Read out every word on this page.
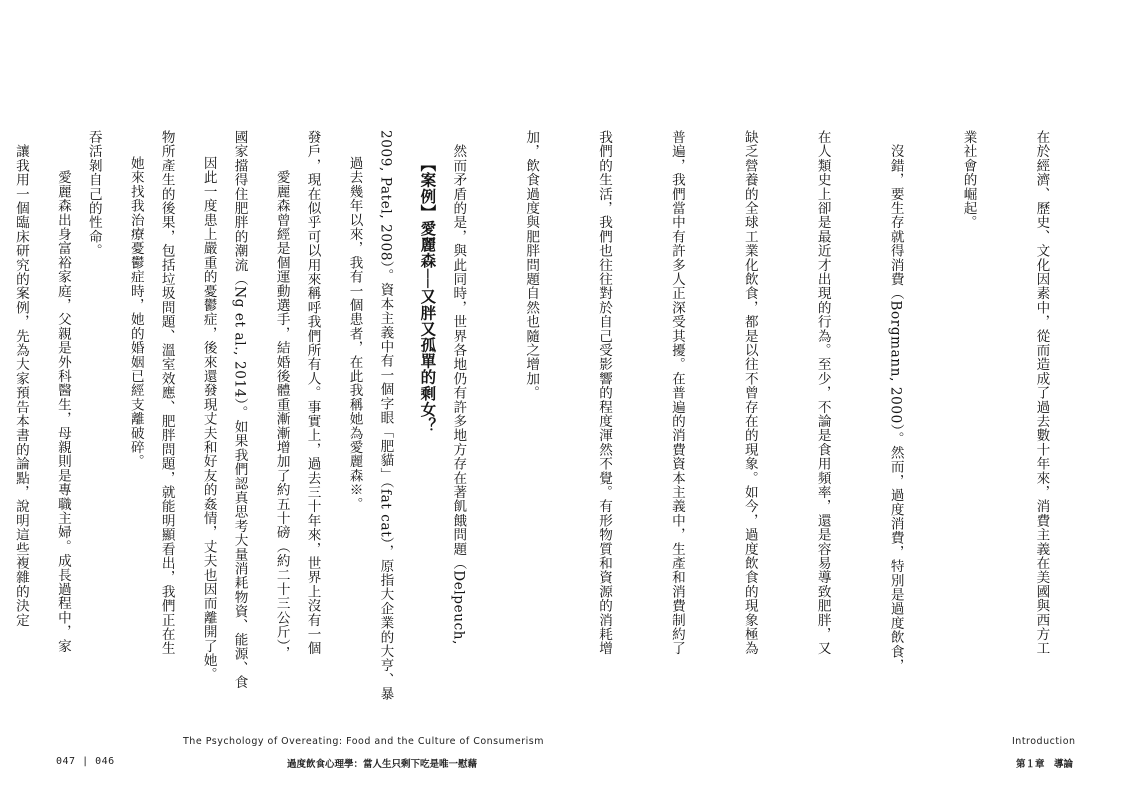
【案例】愛麗森──又胖又孤單的剩女？

過去幾年以來，我有一個患者，在此我稱她為愛麗森※。

　愛麗森曾經是個運動選手，結婚後體重漸漸增加了約五十磅（約二十三公斤），

因此一度患上嚴重的憂鬱症，後來還發現丈夫和好友的姦情，丈夫也因而離開了她。

她來找我治療憂鬱症時，她的婚姻已經支離破碎。

　愛麗森出身富裕家庭，父親是外科醫生，母親則是專職主婦。成長過程中，家

The Psychology of Overeating: Food and the Culture of Consumerism
047 | 046	過度飲食心理學：當人生只剩下吃是唯一慰藉

在於經濟、歷史、文化因素中，從而造成了過去數十年來，消費主義在美國與西方工

業社會的崛起。

　沒錯，要生存就得消費（Borgmann, 2000）。然而，過度消費，特別是過度飲食，

在人類史上卻是最近才出現的行為。至少，不論是食用頻率，還是容易導致肥胖，又

缺乏營養的全球工業化飲食，都是以往不曾存在的現象。如今，過度飲食的現象極為

普遍，我們當中有許多人正深受其擾。在普遍的消費資本主義中，生產和消費制約了

我們的生活，我們也往往對於自己受影響的程度渾然不覺。有形物質和資源的消耗增

加，飲食過度與肥胖問題自然也隨之增加。

　然而矛盾的是，與此同時，世界各地仍有許多地方存在著飢餓問題（Delpeuch,

2009, Patel, 2008）。資本主義中有一個字眼「肥貓」（fat cat），原指大企業的大亨、暴

發戶，現在似乎可以用來稱呼我們所有人。事實上，過去三十年來，世界上沒有一個

國家擋得住肥胖的潮流（Ng et al., 2014）。如果我們認真思考大量消耗物資、能源、食

物所產生的後果，包括垃圾問題、溫室效應、肥胖問題，就能明顯看出，我們正在生

吞活剝自己的性命。

　讓我用一個臨床研究的案例，先為大家預告本書的論點，說明這些複雜的決定

Introduction
第１章　導論
